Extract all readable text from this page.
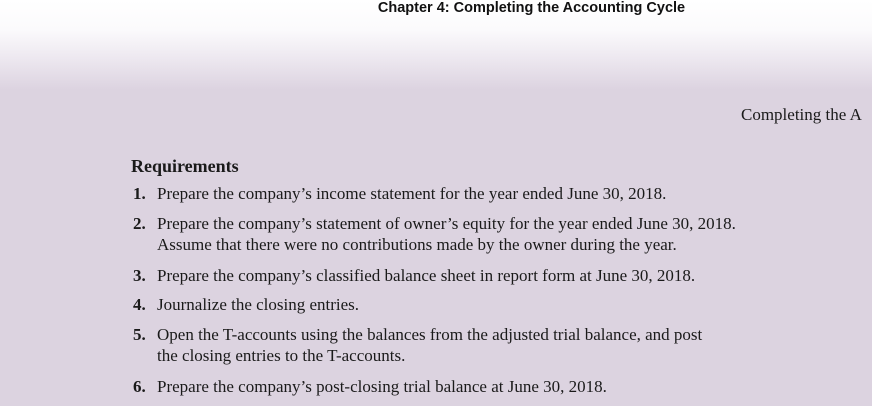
Chapter 4: Completing the Accounting Cycle
Completing the A
Requirements
1. Prepare the company’s income statement for the year ended June 30, 2018.
2. Prepare the company’s statement of owner’s equity for the year ended June 30, 2018.
Assume that there were no contributions made by the owner during the year.
3. Prepare the company’s classified balance sheet in report form at June 30, 2018.
4. Journalize the closing entries.
5. Open the T-accounts using the balances from the adjusted trial balance, and post
the closing entries to the T-accounts.
6. Prepare the company’s post-closing trial balance at June 30, 2018.
